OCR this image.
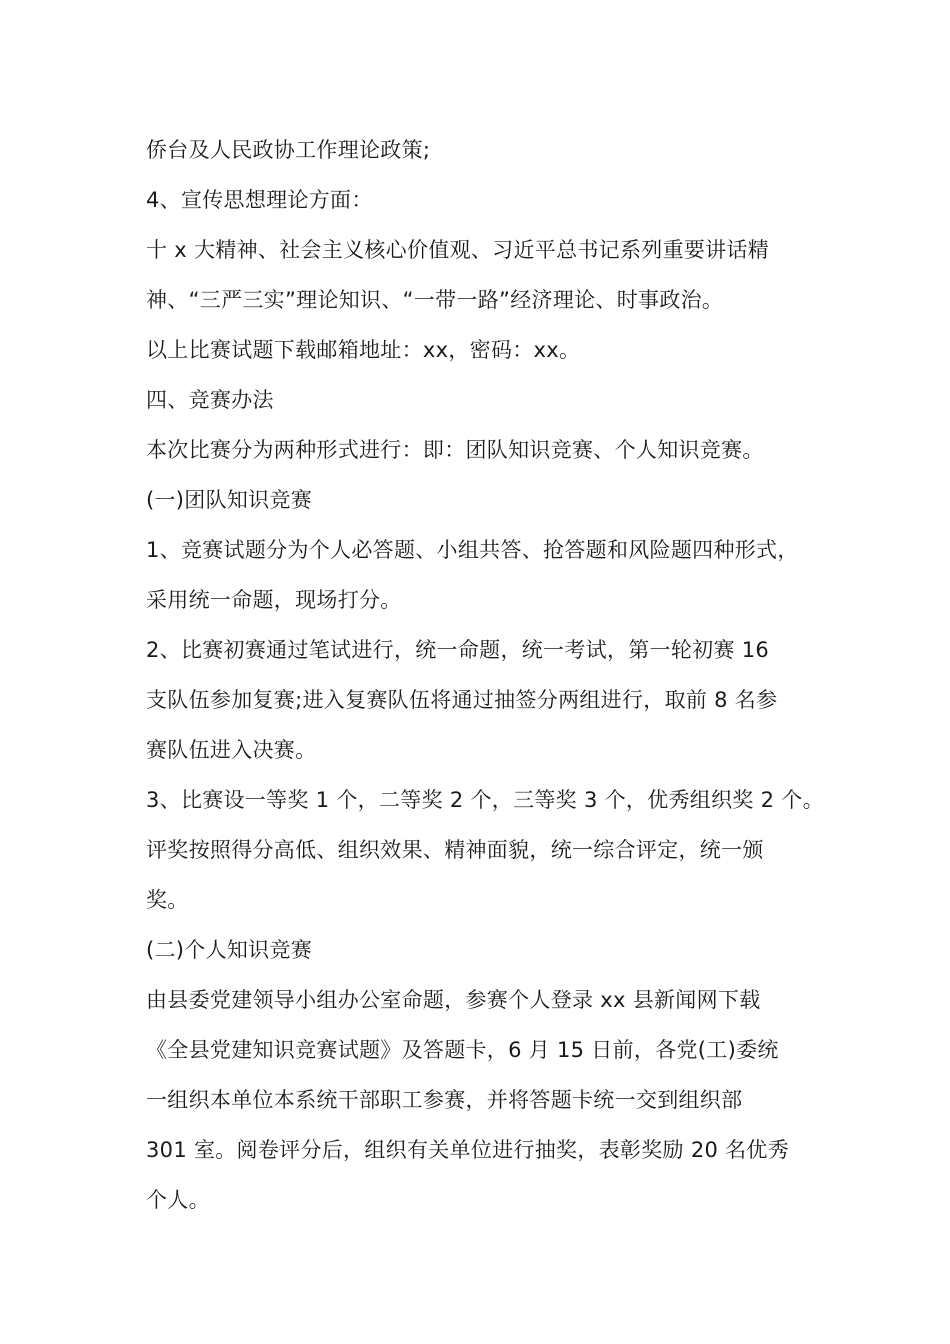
侨台及人民政协工作理论政策;

4、宣传思想理论方面：

十 x 大精神、社会主义核心价值观、习近平总书记系列重要讲话精

神、“三严三实”理论知识、“一带一路”经济理论、时事政治。

以上比赛试题下载邮箱地址：xx，密码：xx。

四、竞赛办法

本次比赛分为两种形式进行：即：团队知识竞赛、个人知识竞赛。

(一)团队知识竞赛

1、竞赛试题分为个人必答题、小组共答、抢答题和风险题四种形式，

采用统一命题，现场打分。

2、比赛初赛通过笔试进行，统一命题，统一考试，第一轮初赛 16

支队伍参加复赛;进入复赛队伍将通过抽签分两组进行，取前 8 名参

赛队伍进入决赛。

3、比赛设一等奖 1 个，二等奖 2 个，三等奖 3 个，优秀组织奖 2 个。

评奖按照得分高低、组织效果、精神面貌，统一综合评定，统一颁

奖。

(二)个人知识竞赛

由县委党建领导小组办公室命题，参赛个人登录 xx 县新闻网下载

《全县党建知识竞赛试题》及答题卡，6 月 15 日前，各党(工)委统

一组织本单位本系统干部职工参赛，并将答题卡统一交到组织部

301 室。阅卷评分后，组织有关单位进行抽奖，表彰奖励 20 名优秀

个人。
